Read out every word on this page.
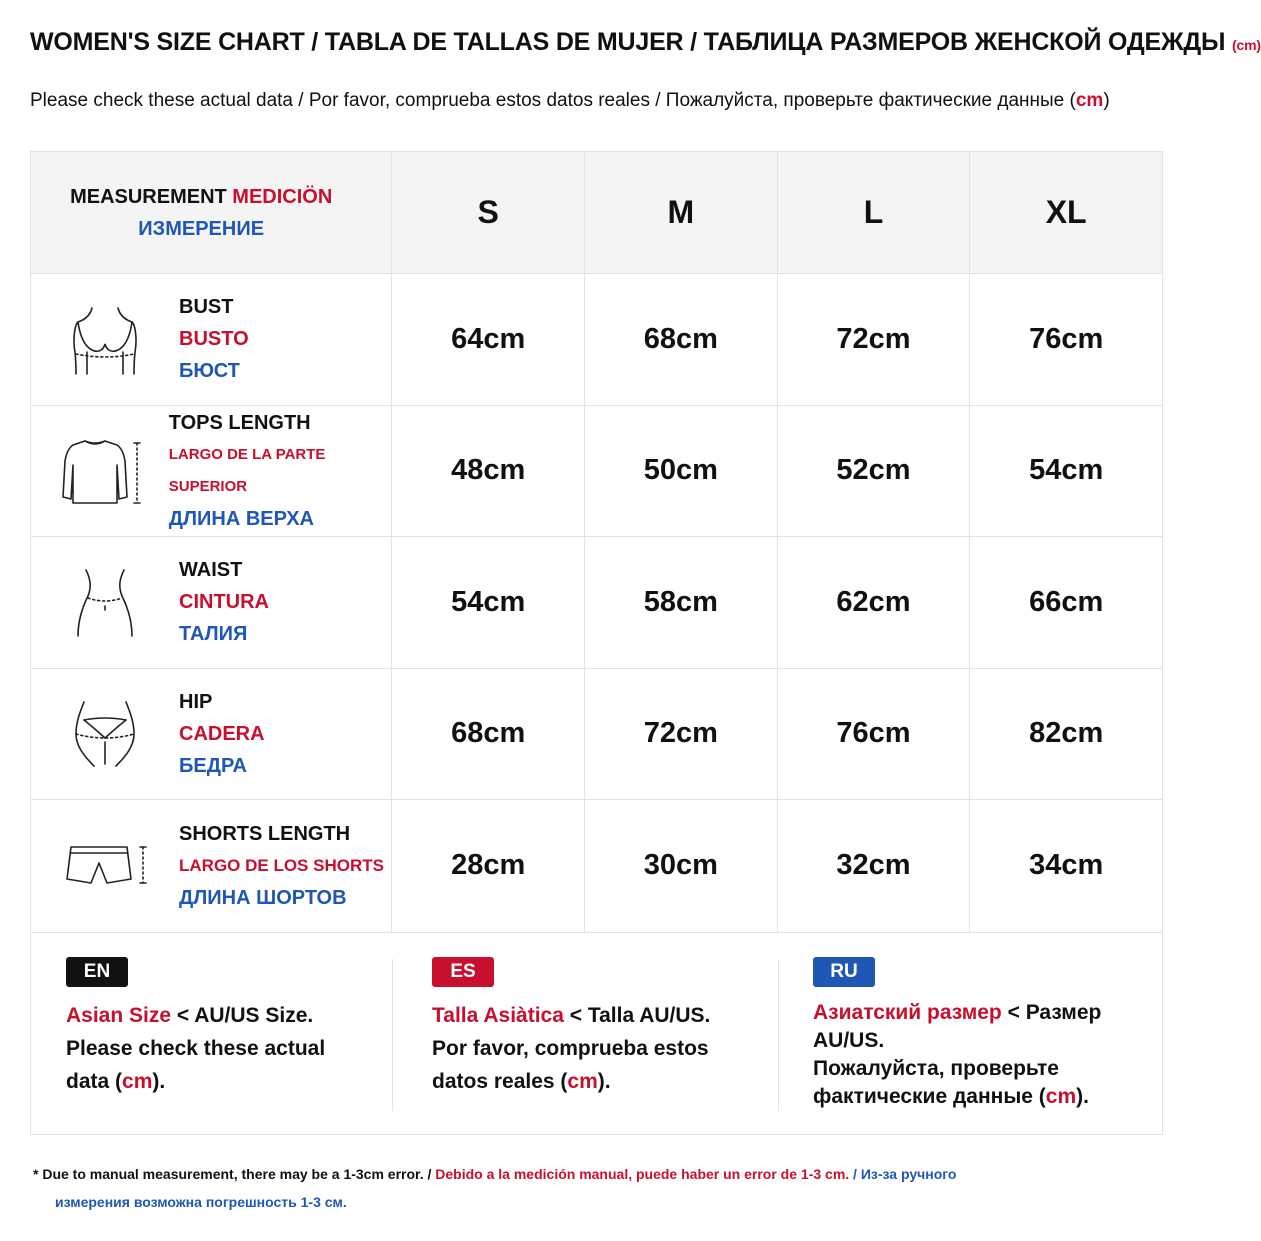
WOMEN'S SIZE CHART / TABLA DE TALLAS DE MUJER / ТАБЛИЦА РАЗМЕРОВ ЖЕНСКОЙ ОДЕЖДЫ (cm)
Please check these actual data / Por favor, comprueba estos datos reales / Пожалуйста, проверьте фактические данные (cm)
MEASUREMENT MEDICIÖN ИЗМЕРЕНИЕ	S	M	L	XL
BUST
BUSTO
БЮСТ
64cm	68cm	72cm	76cm
TOPS LENGTH
LARGO DE LA PARTE SUPERIOR
ДЛИНА ВЕРХА
48cm	50cm	52cm	54cm
WAIST
CINTURA
ТАЛИЯ
54cm	58cm	62cm	66cm
HIP
CADERA
БЕДРА
68cm	72cm	76cm	82cm
SHORTS LENGTH
LARGO DE LOS SHORTS
ДЛИНА ШОРТОВ
28cm	30cm	32cm	34cm
EN
Asian Size < AU/US Size.
Please check these actual data (cm).
ES
Talla Asiàtica < Talla AU/US.
Por favor, comprueba estos datos reales (cm).
RU
Азиатский размер < Размер AU/US.
Пожалуйста, проверьте фактические данные (cm).
* Due to manual measurement, there may be a 1-3cm error. / Debido a la medición manual, puede haber un error de 1-3 cm. / Из-за ручного
измерения возможна погрешность 1-3 см.
